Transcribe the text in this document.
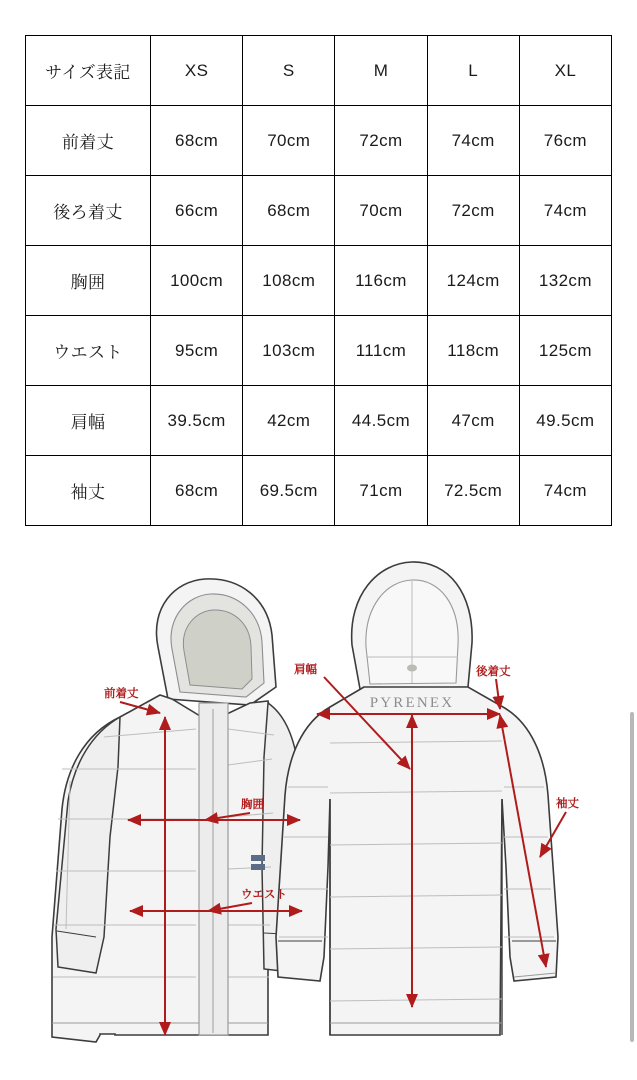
サイズ表記	XS	S	M	L	XL
前着丈	68cm	70cm	72cm	74cm	76cm
後ろ着丈	66cm	68cm	70cm	72cm	74cm
胸囲	100cm	108cm	116cm	124cm	132cm
ウエスト	95cm	103cm	111cm	118cm	125cm
肩幅	39.5cm	42cm	44.5cm	47cm	49.5cm
袖丈	68cm	69.5cm	71cm	72.5cm	74cm
PYRENEX
前着丈
胸囲
ウエスト
肩幅	後着丈
袖丈
